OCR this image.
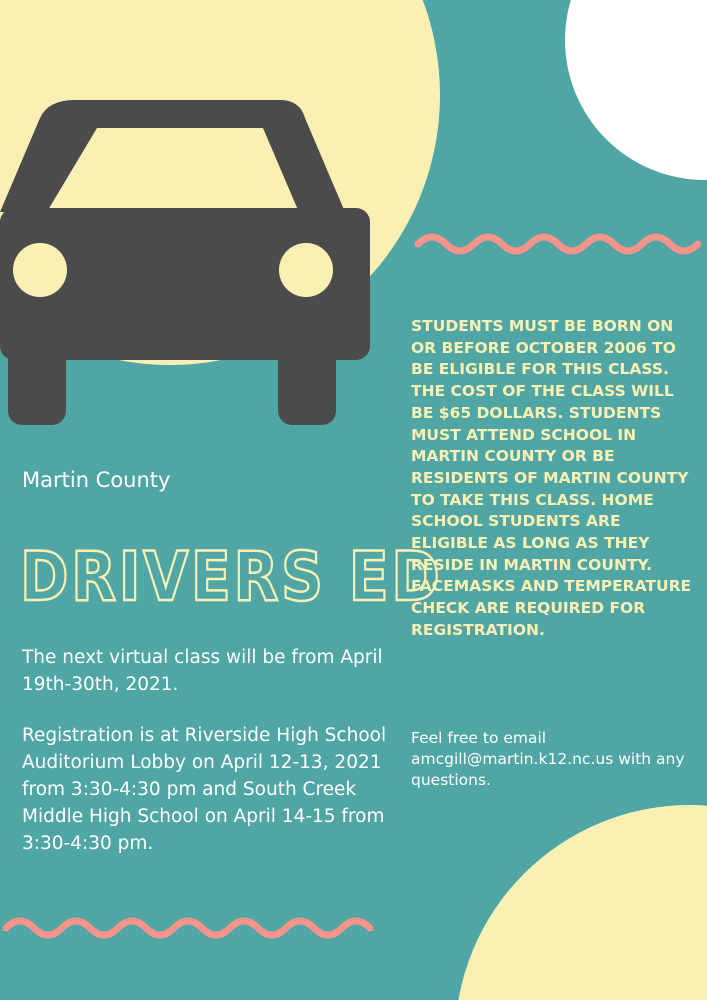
Martin County
DRIVERS ED
The next virtual class will be from April 19th-30th, 2021.
Registration is at Riverside High School Auditorium Lobby on April 12-13, 2021 from 3:30-4:30 pm and South Creek Middle High School on April 14-15 from 3:30-4:30 pm.
STUDENTS MUST BE BORN ON OR BEFORE OCTOBER 2006 TO BE ELIGIBLE FOR THIS CLASS. THE COST OF THE CLASS WILL BE $65 DOLLARS. STUDENTS MUST ATTEND SCHOOL IN MARTIN COUNTY OR BE RESIDENTS OF MARTIN COUNTY TO TAKE THIS CLASS. HOME SCHOOL STUDENTS ARE ELIGIBLE AS LONG AS THEY RESIDE IN MARTIN COUNTY. FACEMASKS AND TEMPERATURE CHECK ARE REQUIRED FOR REGISTRATION.
Feel free to email amcgill@martin.k12.nc.us with any questions.
